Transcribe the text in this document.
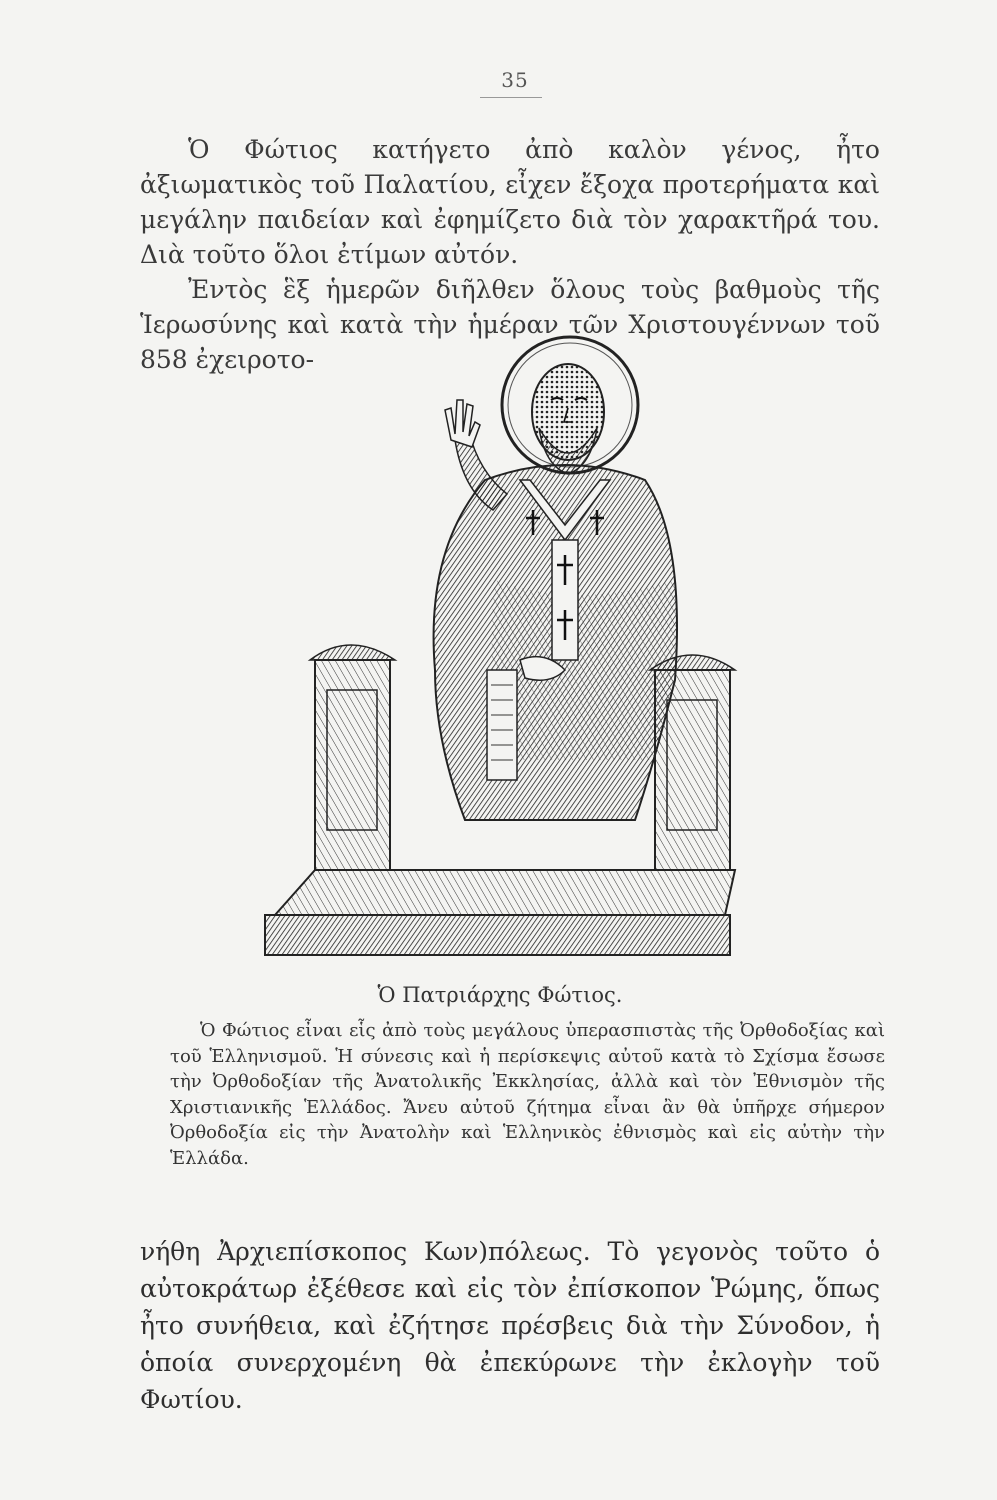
35

Ὁ Φώτιος κατήγετο ἀπὸ καλὸν γένος, ἦτο ἀξιωματικὸς τοῦ Παλατίου, εἶχεν ἔξοχα προτερήματα καὶ μεγάλην παιδείαν καὶ ἐφημίζετο διὰ τὸν χαρακτῆρά του. Διὰ τοῦτο ὅλοι ἐτίμων αὐτόν.

Ἐντὸς ἓξ ἡμερῶν διῆλθεν ὅλους τοὺς βαθμοὺς τῆς Ἱερωσύνης καὶ κατὰ τὴν ἡμέραν τῶν Χριστουγέννων τοῦ 858 ἐχειροτο-

Ὁ Πατριάρχης Φώτιος.
Ὁ Φώτιος εἶναι εἷς ἀπὸ τοὺς μεγάλους ὑπερασπιστὰς τῆς Ὀρθοδοξίας καὶ τοῦ Ἑλληνισμοῦ. Ἡ σύνεσις καὶ ἡ περίσκεψις αὐτοῦ κατὰ τὸ Σχίσμα ἔσωσε τὴν Ὀρθοδοξίαν τῆς Ἀνατολικῆς Ἐκκλησίας, ἀλλὰ καὶ τὸν Ἐθνισμὸν τῆς Χριστιανικῆς Ἑλλάδος. Ἄνευ αὐτοῦ ζήτημα εἶναι ἂν θὰ ὑπῆρχε σήμερον Ὀρθοδοξία εἰς τὴν Ἀνατολὴν καὶ Ἑλληνικὸς ἐθνισμὸς καὶ εἰς αὐτὴν τὴν Ἑλλάδα.

νήθη Ἀρχιεπίσκοπος Κων)πόλεως. Τὸ γεγονὸς τοῦτο ὁ αὐτοκράτωρ ἐξέθεσε καὶ εἰς τὸν ἐπίσκοπον Ῥώμης, ὅπως ἦτο συνήθεια, καὶ ἐζήτησε πρέσβεις διὰ τὴν Σύνοδον, ἡ ὁποία συνερχομένη θὰ ἐπεκύρωνε τὴν ἐκλογὴν τοῦ Φωτίου.
